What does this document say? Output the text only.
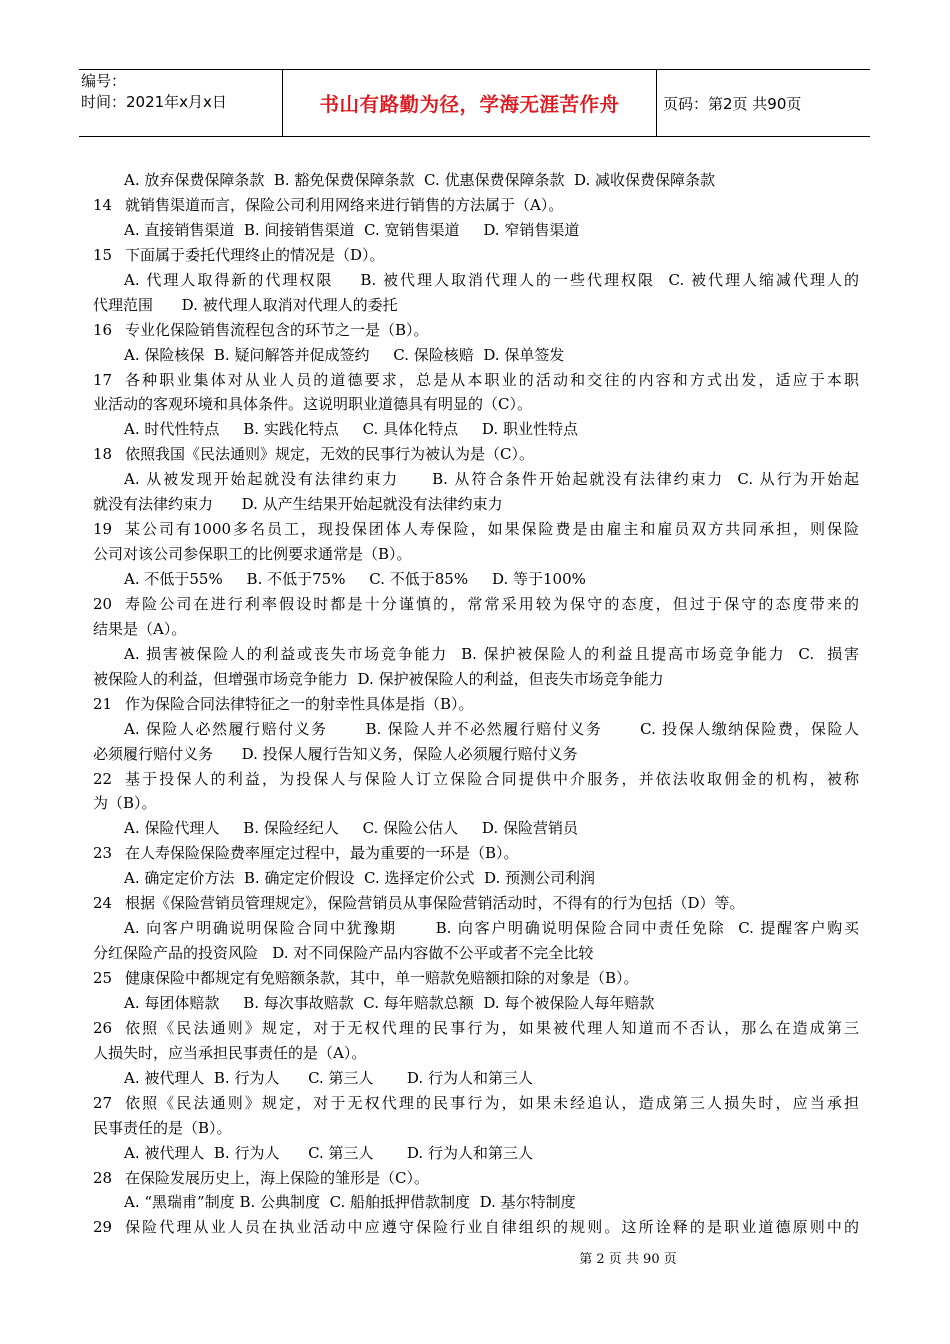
编号：
时间：2021年x月x日	书山有路勤为径，学海无涯苦作舟	页码：第2页 共90页
A. 放弃保费保障条款  B. 豁免保费保障条款  C. 优惠保费保障条款  D. 减收保费保障条款
14 就销售渠道而言，保险公司利用网络来进行销售的方法属于（A）。
A. 直接销售渠道  B. 间接销售渠道  C. 宽销售渠道     D. 窄销售渠道
15 下面属于委托代理终止的情况是（D）。
A. 代理人取得新的代理权限    B. 被代理人取消代理人的一些代理权限  C. 被代理人缩减代理人的
代理范围      D. 被代理人取消对代理人的委托
16 专业化保险销售流程包含的环节之一是（B）。
A. 保险核保  B. 疑问解答并促成签约     C. 保险核赔  D. 保单签发
17 各种职业集体对从业人员的道德要求，总是从本职业的活动和交往的内容和方式出发，适应于本职
业活动的客观环境和具体条件。这说明职业道德具有明显的（C）。
A. 时代性特点     B. 实践化特点     C. 具体化特点     D. 职业性特点
18 依照我国《民法通则》规定，无效的民事行为被认为是（C）。
A. 从被发现开始起就没有法律约束力     B. 从符合条件开始起就没有法律约束力  C. 从行为开始起
就没有法律约束力      D. 从产生结果开始起就没有法律约束力
19 某公司有1000多名员工，现投保团体人寿保险，如果保险费是由雇主和雇员双方共同承担，则保险
公司对该公司参保职工的比例要求通常是（B）。
A. 不低于55%     B. 不低于75%     C. 不低于85%     D. 等于100%
20 寿险公司在进行利率假设时都是十分谨慎的，常常采用较为保守的态度，但过于保守的态度带来的
结果是（A）。
A. 损害被保险人的利益或丧失市场竞争能力  B. 保护被保险人的利益且提高市场竞争能力  C.  损害
被保险人的利益，但增强市场竞争能力  D. 保护被保险人的利益，但丧失市场竞争能力
21 作为保险合同法律特征之一的射幸性具体是指（B）。
A. 保险人必然履行赔付义务      B. 保险人并不必然履行赔付义务      C. 投保人缴纳保险费，保险人
必须履行赔付义务      D. 投保人履行告知义务，保险人必须履行赔付义务
22 基于投保人的利益，为投保人与保险人订立保险合同提供中介服务，并依法收取佣金的机构，被称
为（B）。
A. 保险代理人     B. 保险经纪人     C. 保险公估人     D. 保险营销员
23 在人寿保险保险费率厘定过程中，最为重要的一环是（B）。
A. 确定定价方法  B. 确定定价假设  C. 选择定价公式  D. 预测公司利润
24 根据《保险营销员管理规定》，保险营销员从事保险营销活动时，不得有的行为包括（D）等。
A. 向客户明确说明保险合同中犹豫期      B. 向客户明确说明保险合同中责任免除  C. 提醒客户购买
分红保险产品的投资风险   D. 对不同保险产品内容做不公平或者不完全比较
25 健康保险中都规定有免赔额条款，其中，单一赔款免赔额扣除的对象是（B）。
A. 每团体赔款     B. 每次事故赔款  C. 每年赔款总额  D. 每个被保险人每年赔款
26 依照《民法通则》规定，对于无权代理的民事行为，如果被代理人知道而不否认，那么在造成第三
人损失时，应当承担民事责任的是（A）。
A. 被代理人  B. 行为人      C. 第三人       D. 行为人和第三人
27 依照《民法通则》规定，对于无权代理的民事行为，如果未经追认，造成第三人损失时，应当承担
民事责任的是（B）。
A. 被代理人  B. 行为人      C. 第三人       D. 行为人和第三人
28 在保险发展历史上，海上保险的雏形是（C）。
A. “黑瑞甫”制度 B. 公典制度  C. 船舶抵押借款制度  D. 基尔特制度
29 保险代理从业人员在执业活动中应遵守保险行业自律组织的规则。这所诠释的是职业道德原则中的
第 2 页 共 90 页
